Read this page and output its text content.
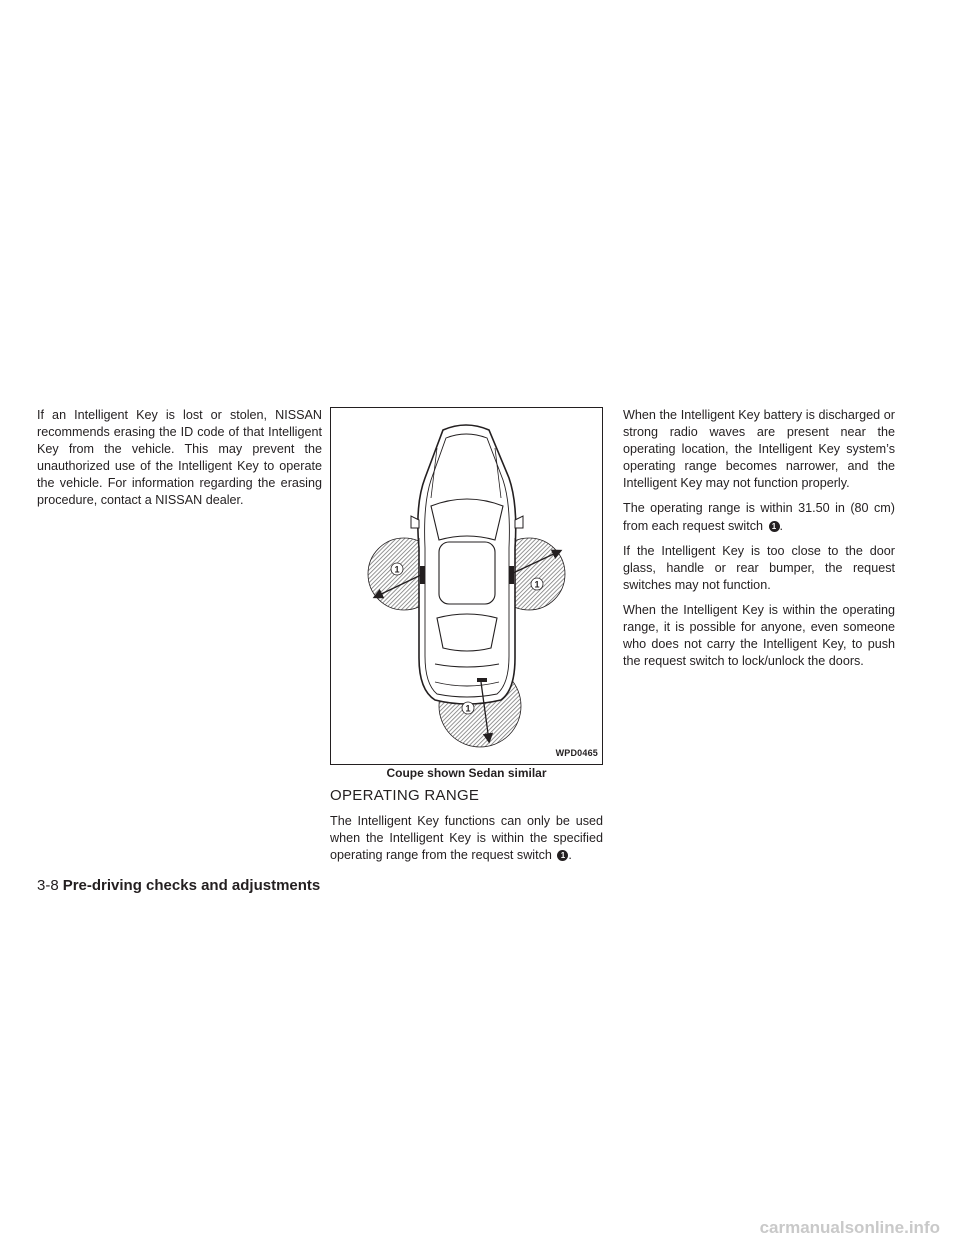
If an Intelligent Key is lost or stolen, NISSAN recommends erasing the ID code of that Intelligent Key from the vehicle. This may prevent the unauthorized use of the Intelligent Key to operate the vehicle. For information regarding the erasing procedure, contact a NISSAN dealer.

1
1
1
WPD0465
Coupe shown Sedan similar
OPERATING RANGE
The Intelligent Key functions can only be used when the Intelligent Key is within the specified operating range from the request switch 1 .

When the Intelligent Key battery is discharged or strong radio waves are present near the operating location, the Intelligent Key system’s operating range becomes narrower, and the Intelligent Key may not function properly.

The operating range is within 31.50 in (80 cm) from each request switch 1 .

If the Intelligent Key is too close to the door glass, handle or rear bumper, the request switches may not function.

When the Intelligent Key is within the operating range, it is possible for anyone, even someone who does not carry the Intelligent Key, to push the request switch to lock/unlock the doors.

3-8 Pre-driving checks and adjustments
carmanualsonline.info
